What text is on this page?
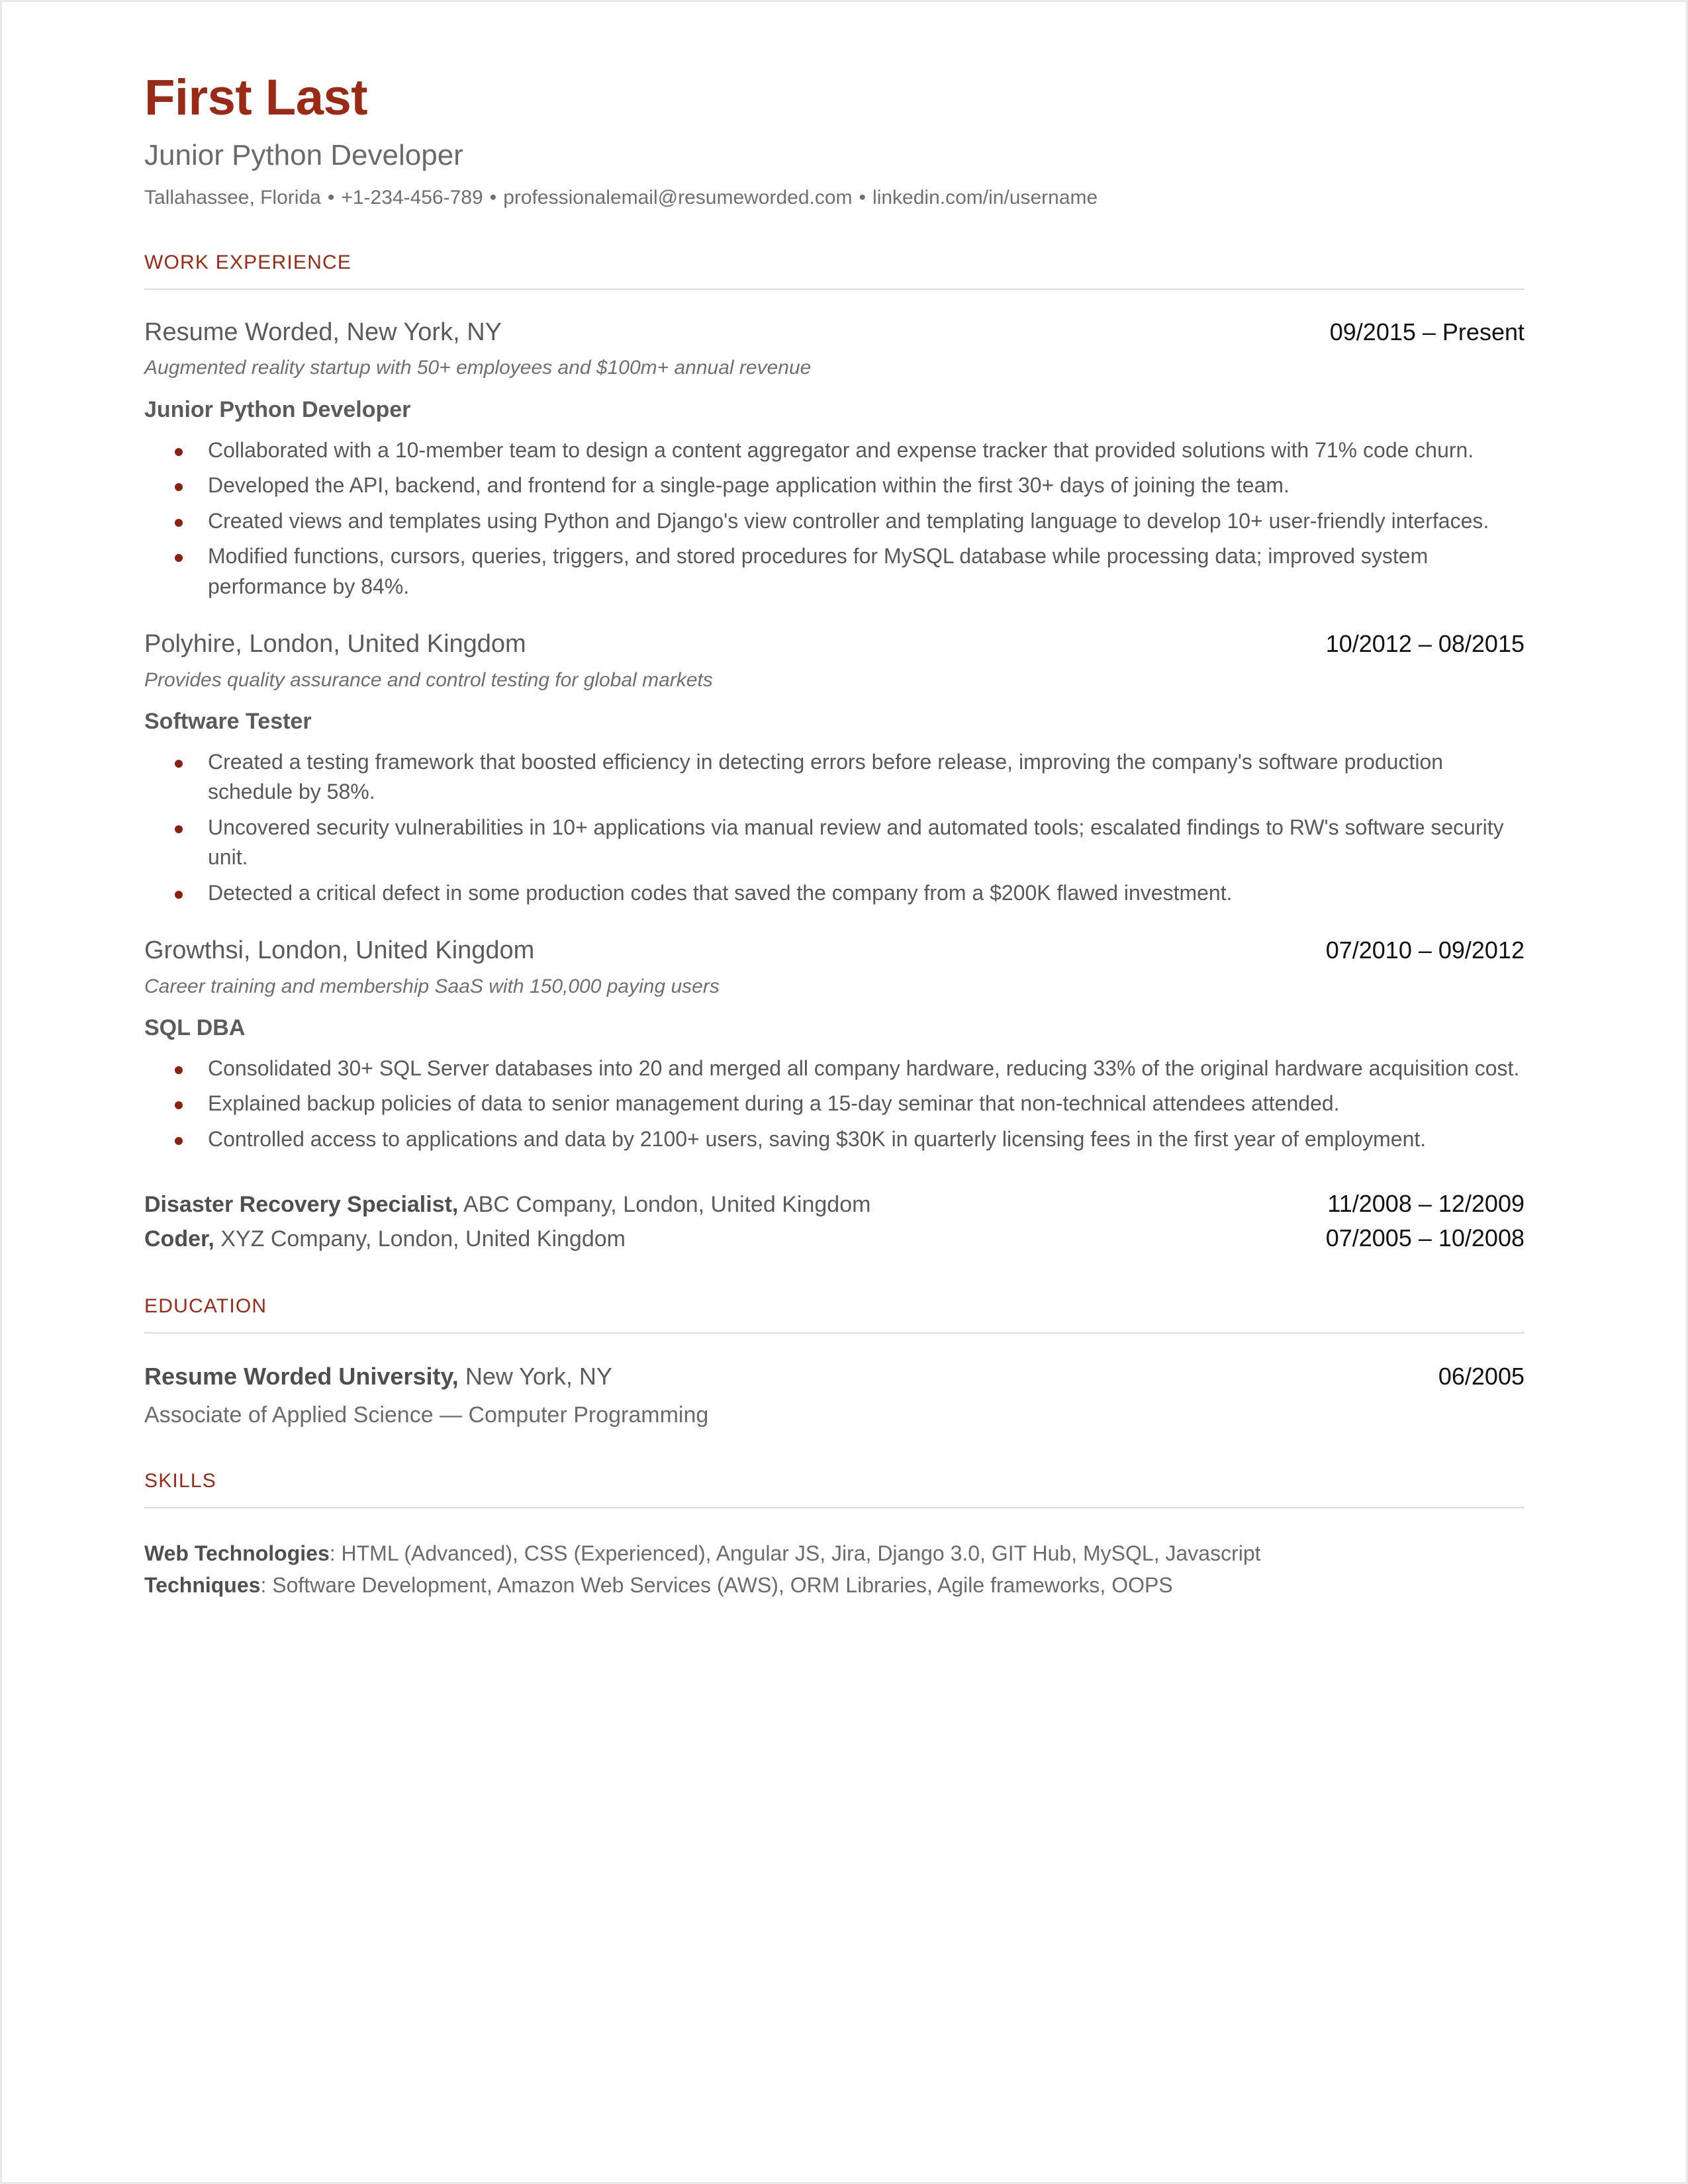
First Last
Junior Python Developer
Tallahassee, Florida • +1-234-456-789 • professionalemail@resumeworded.com • linkedin.com/in/username
WORK EXPERIENCE
Resume Worded, New York, NY	09/2015 – Present
Augmented reality startup with 50+ employees and $100m+ annual revenue
Junior Python Developer
Collaborated with a 10-member team to design a content aggregator and expense tracker that provided solutions with 71% code churn.
Developed the API, backend, and frontend for a single-page application within the first 30+ days of joining the team.
Created views and templates using Python and Django's view controller and templating language to develop 10+ user-friendly interfaces.
Modified functions, cursors, queries, triggers, and stored procedures for MySQL database while processing data; improved system performance by 84%.
Polyhire, London, United Kingdom	10/2012 – 08/2015
Provides quality assurance and control testing for global markets
Software Tester
Created a testing framework that boosted efficiency in detecting errors before release, improving the company's software production schedule by 58%.
Uncovered security vulnerabilities in 10+ applications via manual review and automated tools; escalated findings to RW's software security unit.
Detected a critical defect in some production codes that saved the company from a $200K flawed investment.
Growthsi, London, United Kingdom	07/2010 – 09/2012
Career training and membership SaaS with 150,000 paying users
SQL DBA
Consolidated 30+ SQL Server databases into 20 and merged all company hardware, reducing 33% of the original hardware acquisition cost.
Explained backup policies of data to senior management during a 15-day seminar that non-technical attendees attended.
Controlled access to applications and data by 2100+ users, saving $30K in quarterly licensing fees in the first year of employment.
Disaster Recovery Specialist, ABC Company, London, United Kingdom	11/2008 – 12/2009
Coder, XYZ Company, London, United Kingdom	07/2005 – 10/2008
EDUCATION
Resume Worded University, New York, NY	06/2005
Associate of Applied Science — Computer Programming
SKILLS
Web Technologies: HTML (Advanced), CSS (Experienced), Angular JS, Jira, Django 3.0, GIT Hub, MySQL, Javascript
Techniques: Software Development, Amazon Web Services (AWS), ORM Libraries, Agile frameworks, OOPS
